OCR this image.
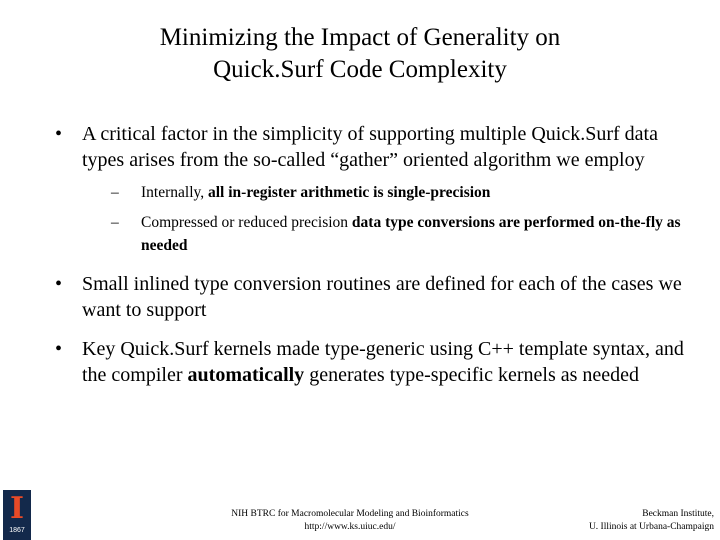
Minimizing the Impact of Generality on
Quick.Surf Code Complexity
• A critical factor in the simplicity of supporting multiple Quick.Surf data types arises from the so-called “gather” oriented algorithm we employ
– Internally, all in-register arithmetic is single-precision
– Compressed or reduced precision data type conversions are performed on-the-fly as needed
• Small inlined type conversion routines are defined for each of the cases we want to support
• Key Quick.Surf kernels made type-generic using C++ template syntax, and the compiler automatically generates type-specific kernels as needed
I
1867
NIH BTRC for Macromolecular Modeling and Bioinformatics
http://www.ks.uiuc.edu/
Beckman Institute,
U. Illinois at Urbana-Champaign
